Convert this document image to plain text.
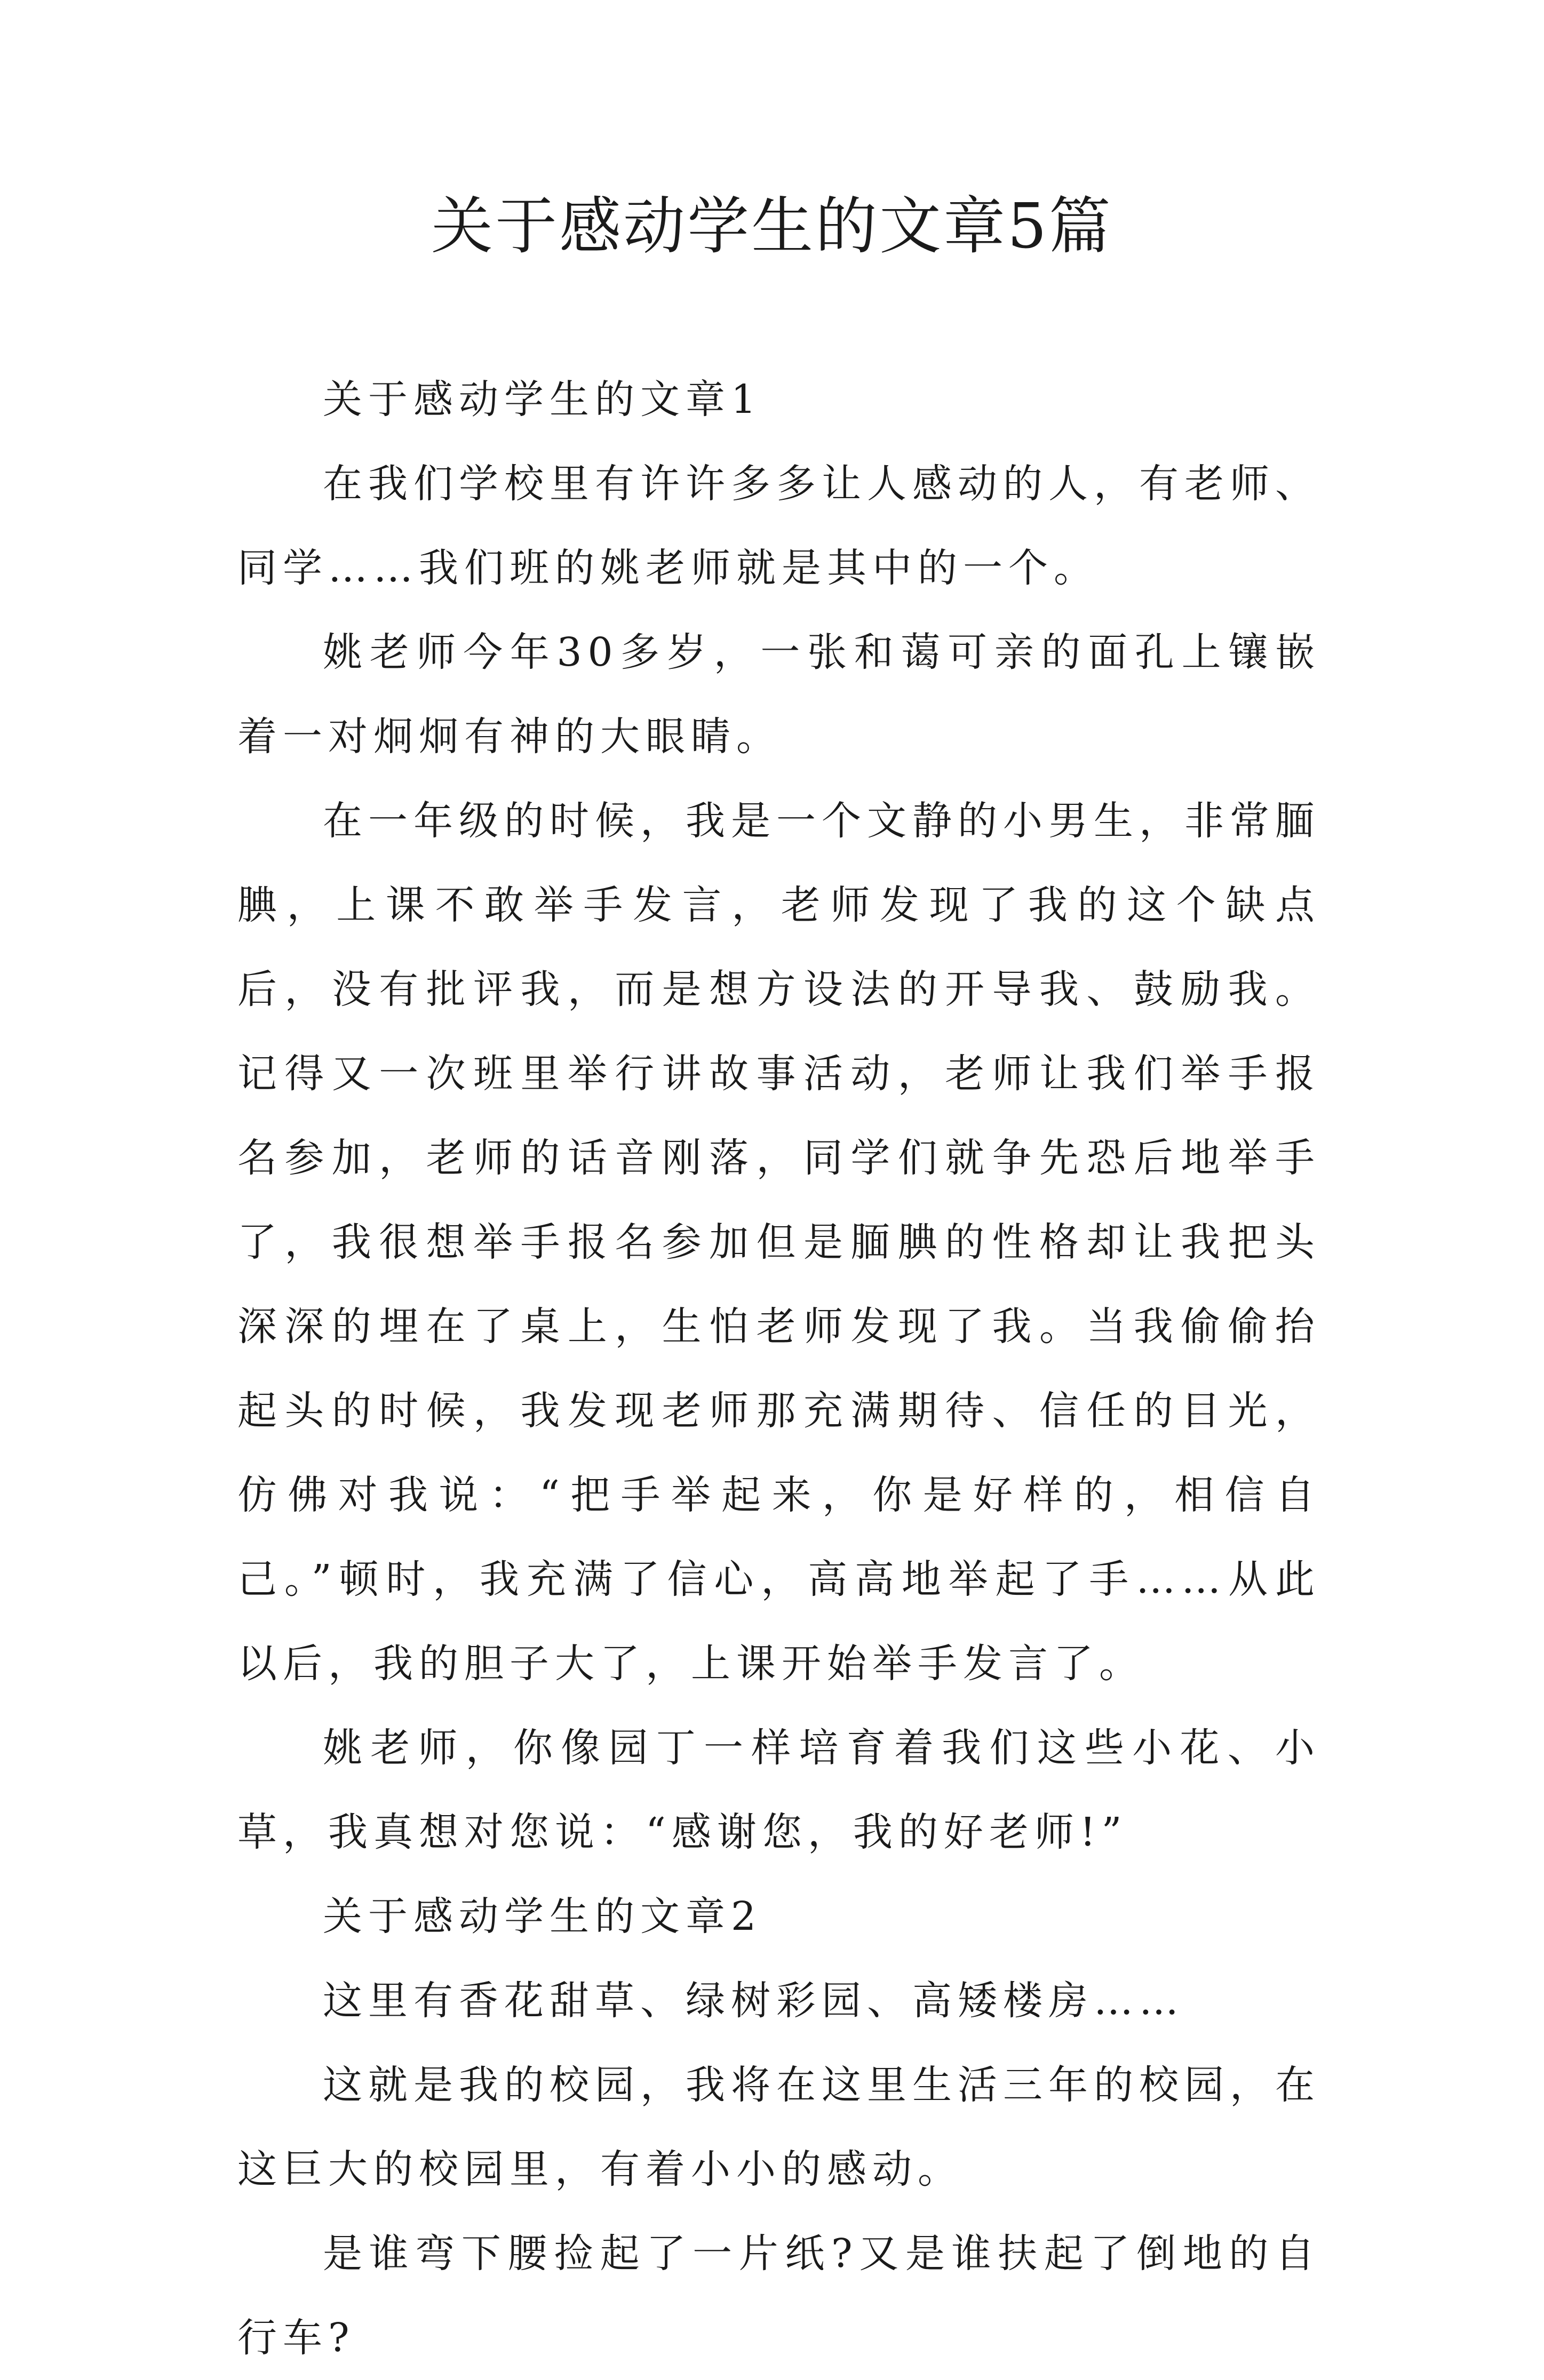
关于感动学生的文章5篇

关于感动学生的文章1

在我们学校里有许许多多让人感动的人，有老师、同学……我们班的姚老师就是其中的一个。

姚老师今年30多岁，一张和蔼可亲的面孔上镶嵌着一对炯炯有神的大眼睛。

在一年级的时候，我是一个文静的小男生，非常腼腆，上课不敢举手发言，老师发现了我的这个缺点后，没有批评我，而是想方设法的开导我、鼓励我。记得又一次班里举行讲故事活动，老师让我们举手报名参加，老师的话音刚落，同学们就争先恐后地举手了，我很想举手报名参加但是腼腆的性格却让我把头深深的埋在了桌上，生怕老师发现了我。当我偷偷抬起头的时候，我发现老师那充满期待、信任的目光，仿佛对我说：“把手举起来，你是好样的，相信自己。”顿时，我充满了信心，高高地举起了手……从此以后，我的胆子大了，上课开始举手发言了。

姚老师，你像园丁一样培育着我们这些小花、小草，我真想对您说：“感谢您，我的好老师!”

关于感动学生的文章2

这里有香花甜草、绿树彩园、高矮楼房……

这就是我的校园，我将在这里生活三年的校园，在这巨大的校园里，有着小小的感动。

是谁弯下腰捡起了一片纸?又是谁扶起了倒地的自行车?
